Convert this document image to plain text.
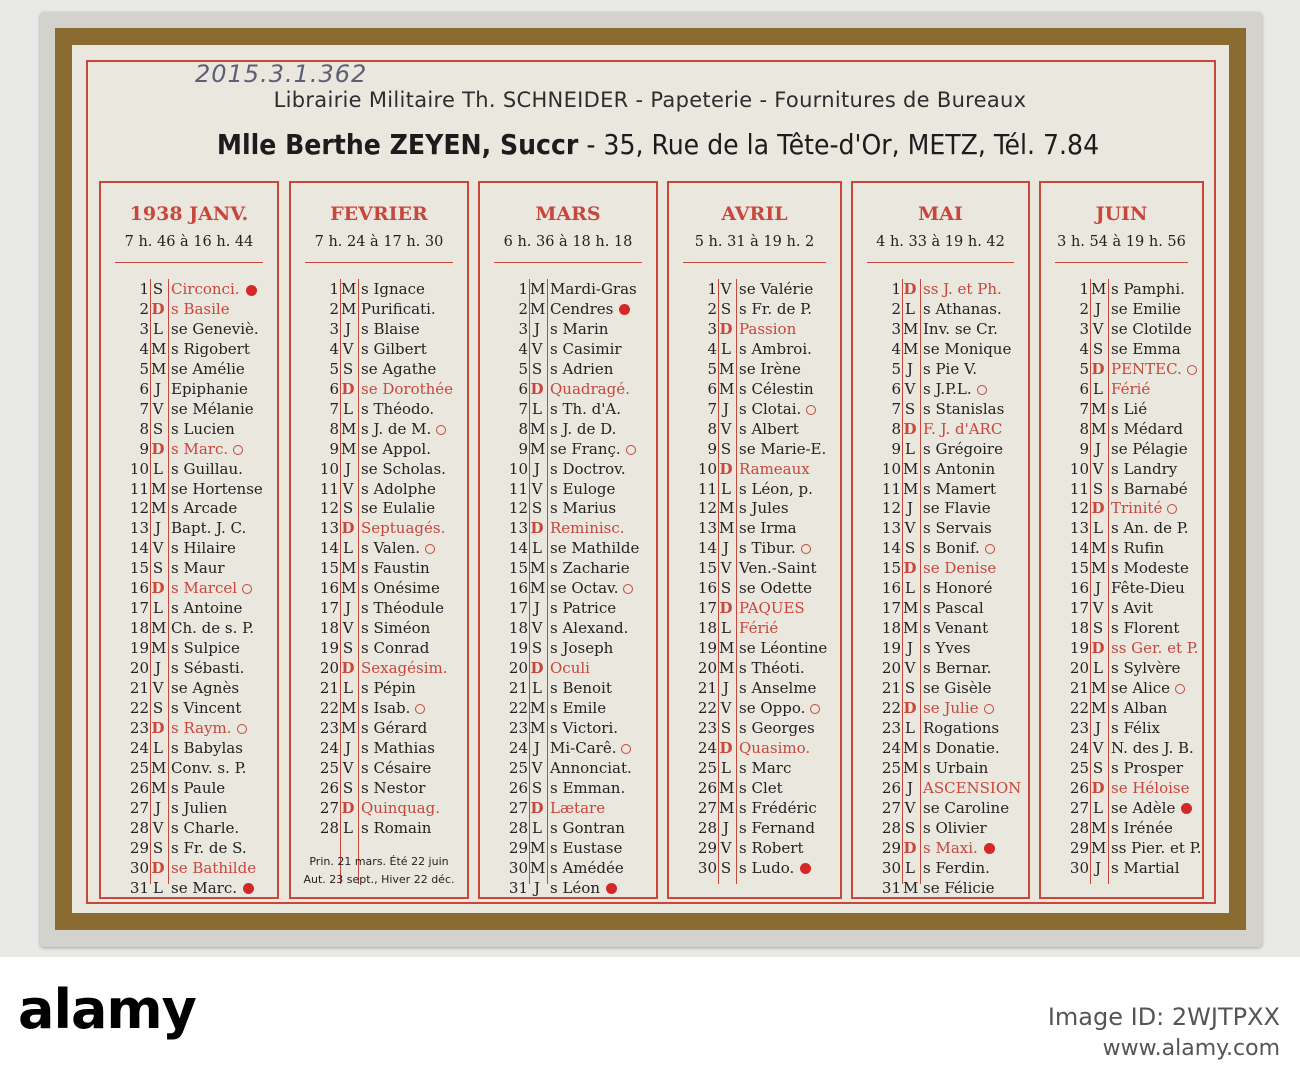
2015.3.1.362
Librairie Militaire Th. SCHNEIDER - Papeterie - Fournitures de Bureaux
Mlle Berthe ZEYEN, Succr - 35, Rue de la Tête-d'Or, METZ, Tél. 7.84
1938 JANV.
7 h. 46 à 16 h. 44
1 S Circonci.
2 D s Basile
3 L se Geneviè.
4 M s Rigobert
5 M se Amélie
6 J Epiphanie
7 V se Mélanie
8 S s Lucien
9 D s Marc.
10 L s Guillau.
11 M se Hortense
12 M s Arcade
13 J Bapt. J. C.
14 V s Hilaire
15 S s Maur
16 D s Marcel
17 L s Antoine
18 M Ch. de s. P.
19 M s Sulpice
20 J s Sébasti.
21 V se Agnès
22 S s Vincent
23 D s Raym.
24 L s Babylas
25 M Conv. s. P.
26 M s Paule
27 J s Julien
28 V s Charle.
29 S s Fr. de S.
30 D se Bathilde
31 L se Marc.
FEVRIER
7 h. 24 à 17 h. 30
1 M s Ignace
2 M Purificati.
3 J s Blaise
4 V s Gilbert
5 S se Agathe
6 D se Dorothée
7 L s Théodo.
8 M s J. de M.
9 M se Appol.
10 J se Scholas.
11 V s Adolphe
12 S se Eulalie
13 D Septuagés.
14 L s Valen.
15 M s Faustin
16 M s Onésime
17 J s Théodule
18 V s Siméon
19 S s Conrad
20 D Sexagésim.
21 L s Pépin
22 M s Isab.
23 M s Gérard
24 J s Mathias
25 V s Césaire
26 S s Nestor
27 D Quinquag.
28 L s Romain
Prin. 21 mars. Été 22 juin
Aut. 23 sept., Hiver 22 déc.
MARS
6 h. 36 à 18 h. 18
1 M Mardi-Gras
2 M Cendres
3 J s Marin
4 V s Casimir
5 S s Adrien
6 D Quadragé.
7 L s Th. d'A.
8 M s J. de D.
9 M se Franç.
10 J s Doctrov.
11 V s Euloge
12 S s Marius
13 D Reminisc.
14 L se Mathilde
15 M s Zacharie
16 M se Octav.
17 J s Patrice
18 V s Alexand.
19 S s Joseph
20 D Oculi
21 L s Benoit
22 M s Emile
23 M s Victori.
24 J Mi-Carê.
25 V Annonciat.
26 S s Emman.
27 D Lætare
28 L s Gontran
29 M s Eustase
30 M s Amédée
31 J s Léon
AVRIL
5 h. 31 à 19 h. 2
1 V se Valérie
2 S s Fr. de P.
3 D Passion
4 L s Ambroi.
5 M se Irène
6 M s Célestin
7 J s Clotai.
8 V s Albert
9 S se Marie-E.
10 D Rameaux
11 L s Léon, p.
12 M s Jules
13 M se Irma
14 J s Tibur.
15 V Ven.-Saint
16 S se Odette
17 D PAQUES
18 L Férié
19 M se Léontine
20 M s Théoti.
21 J s Anselme
22 V se Oppo.
23 S s Georges
24 D Quasimo.
25 L s Marc
26 M s Clet
27 M s Frédéric
28 J s Fernand
29 V s Robert
30 S s Ludo.
MAI
4 h. 33 à 19 h. 42
1 D ss J. et Ph.
2 L s Athanas.
3 M Inv. se Cr.
4 M se Monique
5 J s Pie V.
6 V s J.P.L.
7 S s Stanislas
8 D F. J. d'ARC
9 L s Grégoire
10 M s Antonin
11 M s Mamert
12 J se Flavie
13 V s Servais
14 S s Bonif.
15 D se Denise
16 L s Honoré
17 M s Pascal
18 M s Venant
19 J s Yves
20 V s Bernar.
21 S se Gisèle
22 D se Julie
23 L Rogations
24 M s Donatie.
25 M s Urbain
26 J ASCENSION
27 V se Caroline
28 S s Olivier
29 D s Maxi.
30 L s Ferdin.
31 M se Félicie
JUIN
3 h. 54 à 19 h. 56
1 M s Pamphi.
2 J se Emilie
3 V se Clotilde
4 S se Emma
5 D PENTEC.
6 L Férié
7 M s Lié
8 M s Médard
9 J se Pélagie
10 V s Landry
11 S s Barnabé
12 D Trinité
13 L s An. de P.
14 M s Rufin
15 M s Modeste
16 J Fête-Dieu
17 V s Avit
18 S s Florent
19 D ss Ger. et P.
20 L s Sylvère
21 M se Alice
22 M s Alban
23 J s Félix
24 V N. des J. B.
25 S s Prosper
26 D se Héloise
27 L se Adèle
28 M s Irénée
29 M ss Pier. et P.
30 J s Martial
alamy	Image ID: 2WJTPXX
www.alamy.com
